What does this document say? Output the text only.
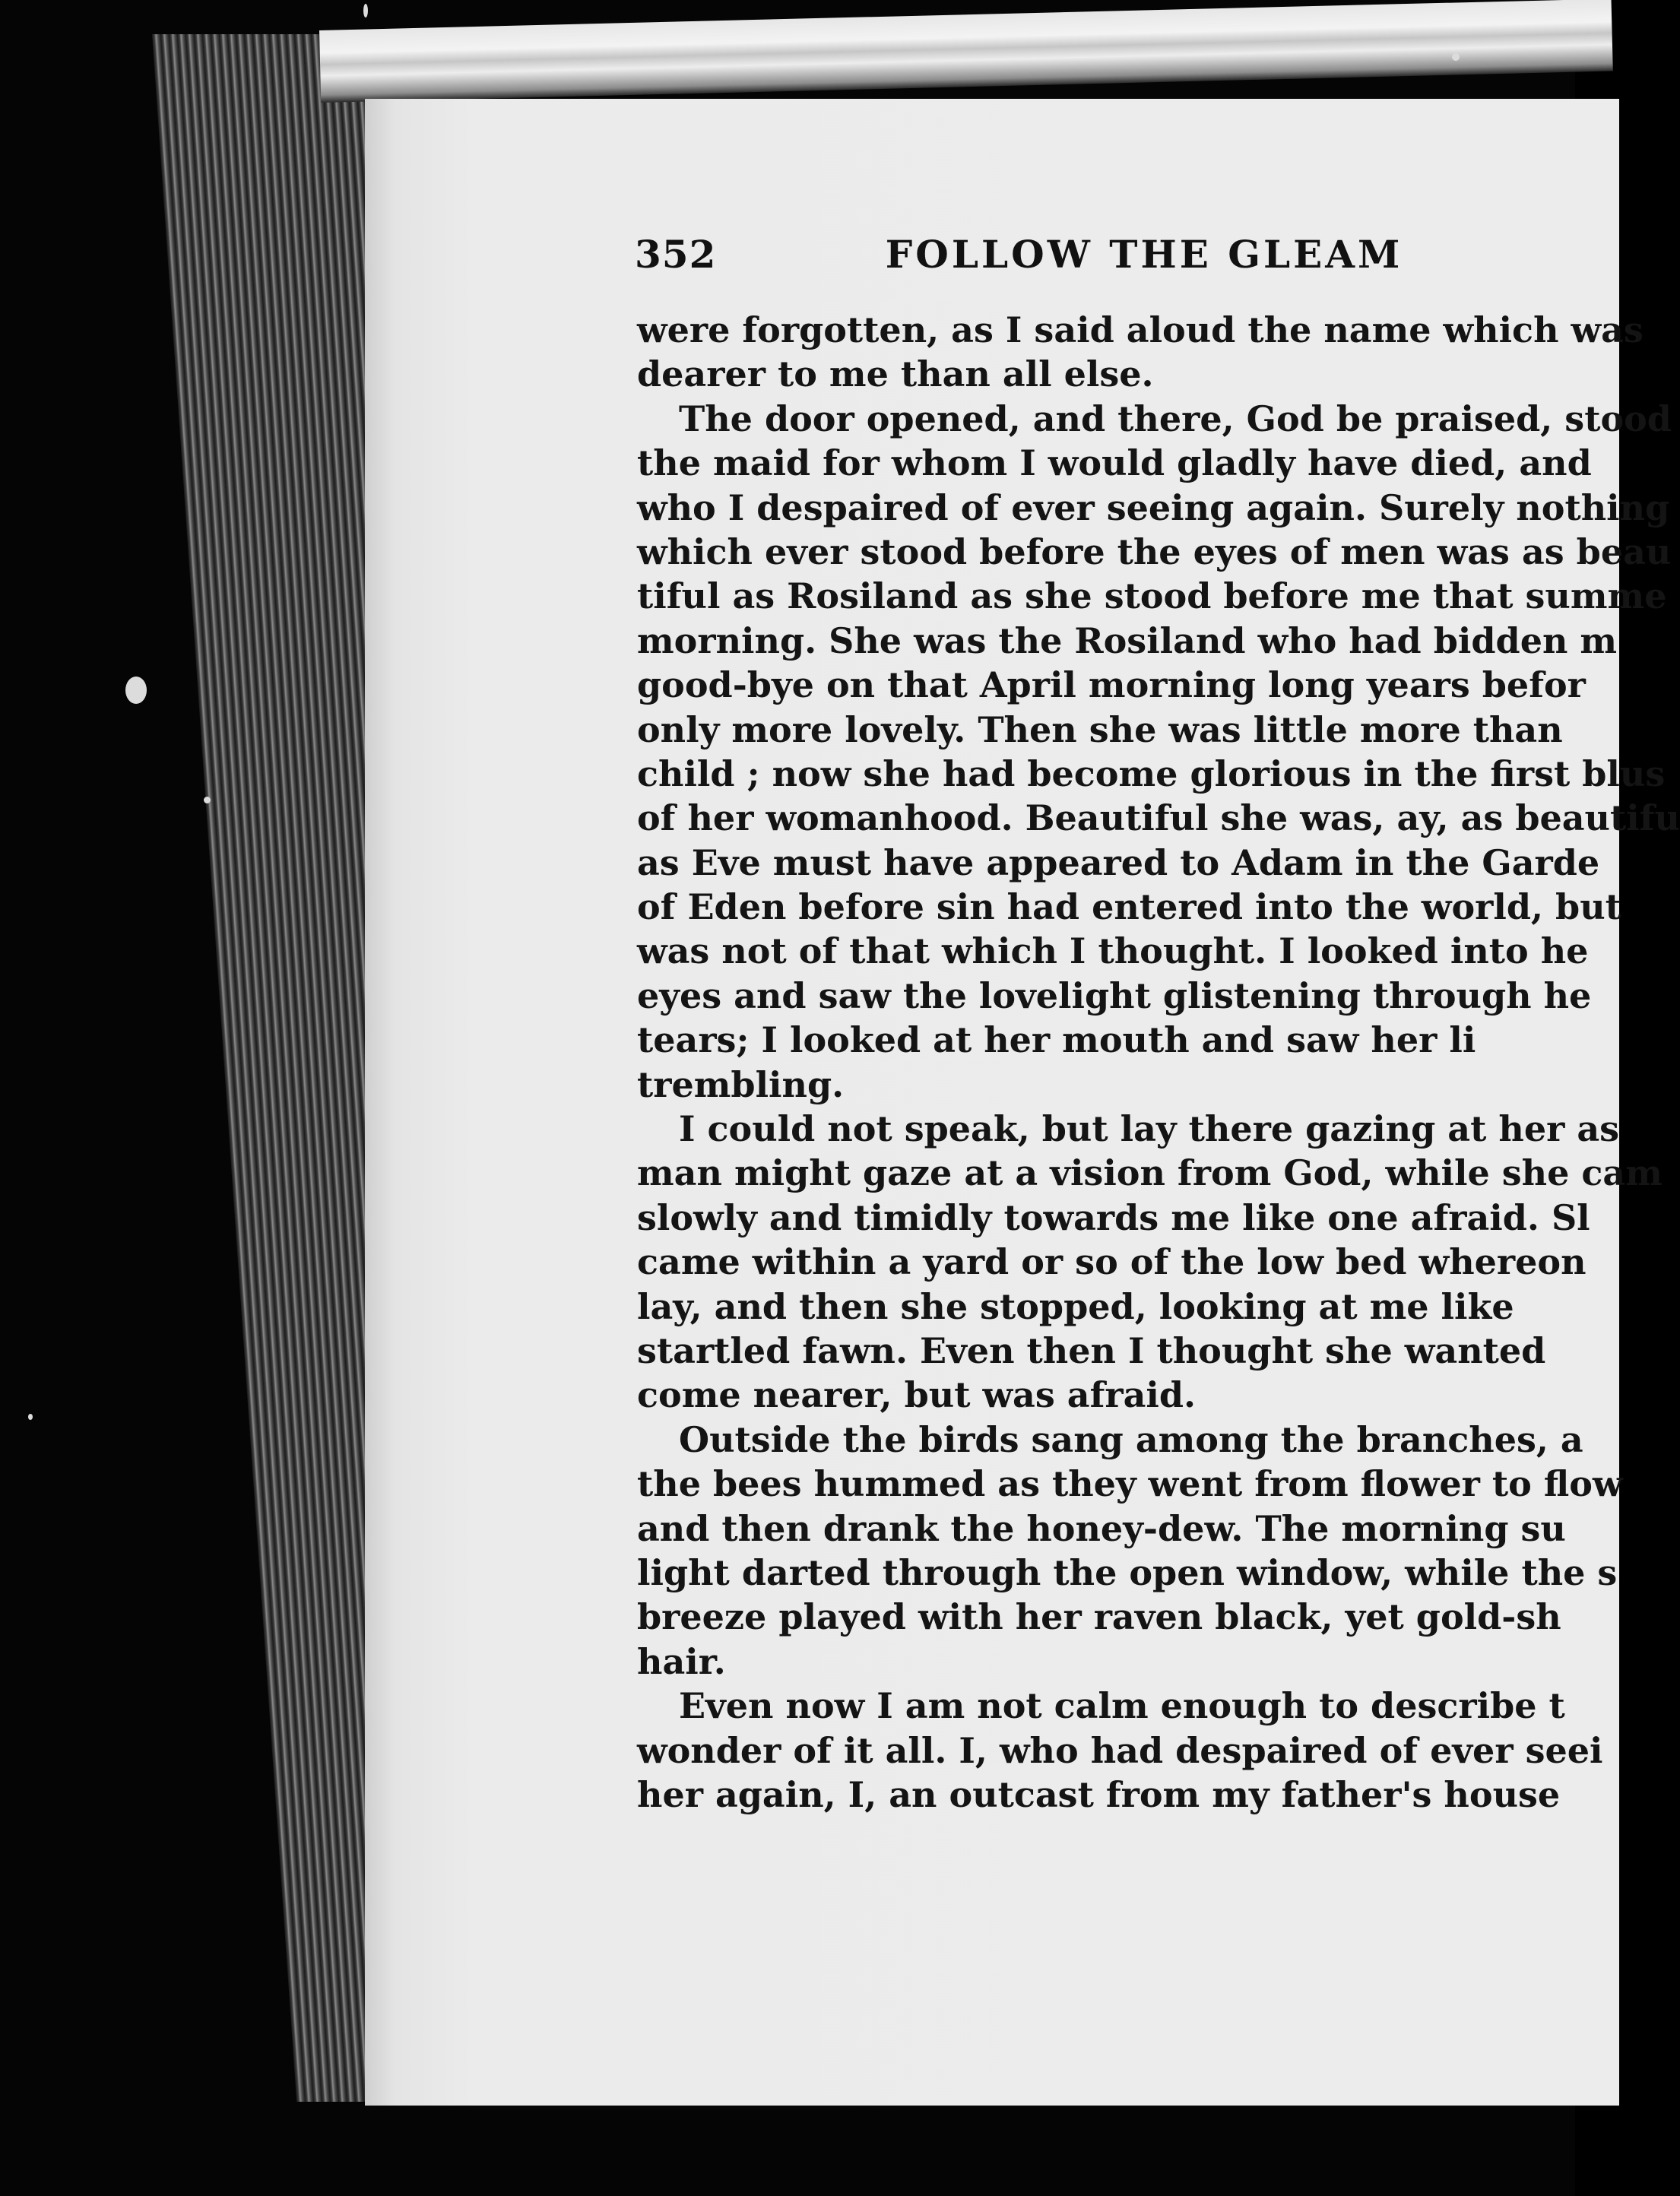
352	FOLLOW THE GLEAM
were forgotten, as I said aloud the name which was
dearer to me than all else.
The door opened, and there, God be praised, stood
the maid for whom I would gladly have died, and
who I despaired of ever seeing again. Surely nothing
which ever stood before the eyes of men was as beau
tiful as Rosiland as she stood before me that summe
morning. She was the Rosiland who had bidden m
good-bye on that April morning long years befor
only more lovely. Then she was little more than
child ; now she had become glorious in the first blus
of her womanhood. Beautiful she was, ay, as beautifu
as Eve must have appeared to Adam in the Garde
of Eden before sin had entered into the world, but
was not of that which I thought. I looked into he
eyes and saw the lovelight glistening through he
tears; I looked at her mouth and saw her li
trembling.
I could not speak, but lay there gazing at her as
man might gaze at a vision from God, while she cam
slowly and timidly towards me like one afraid. Sl
came within a yard or so of the low bed whereon
lay, and then she stopped, looking at me like
startled fawn. Even then I thought she wanted
come nearer, but was afraid.
Outside the birds sang among the branches, a
the bees hummed as they went from flower to flow
and then drank the honey-dew. The morning su
light darted through the open window, while the s
breeze played with her raven black, yet gold-sh
hair.
Even now I am not calm enough to describe t
wonder of it all. I, who had despaired of ever seei
her again, I, an outcast from my father's house
